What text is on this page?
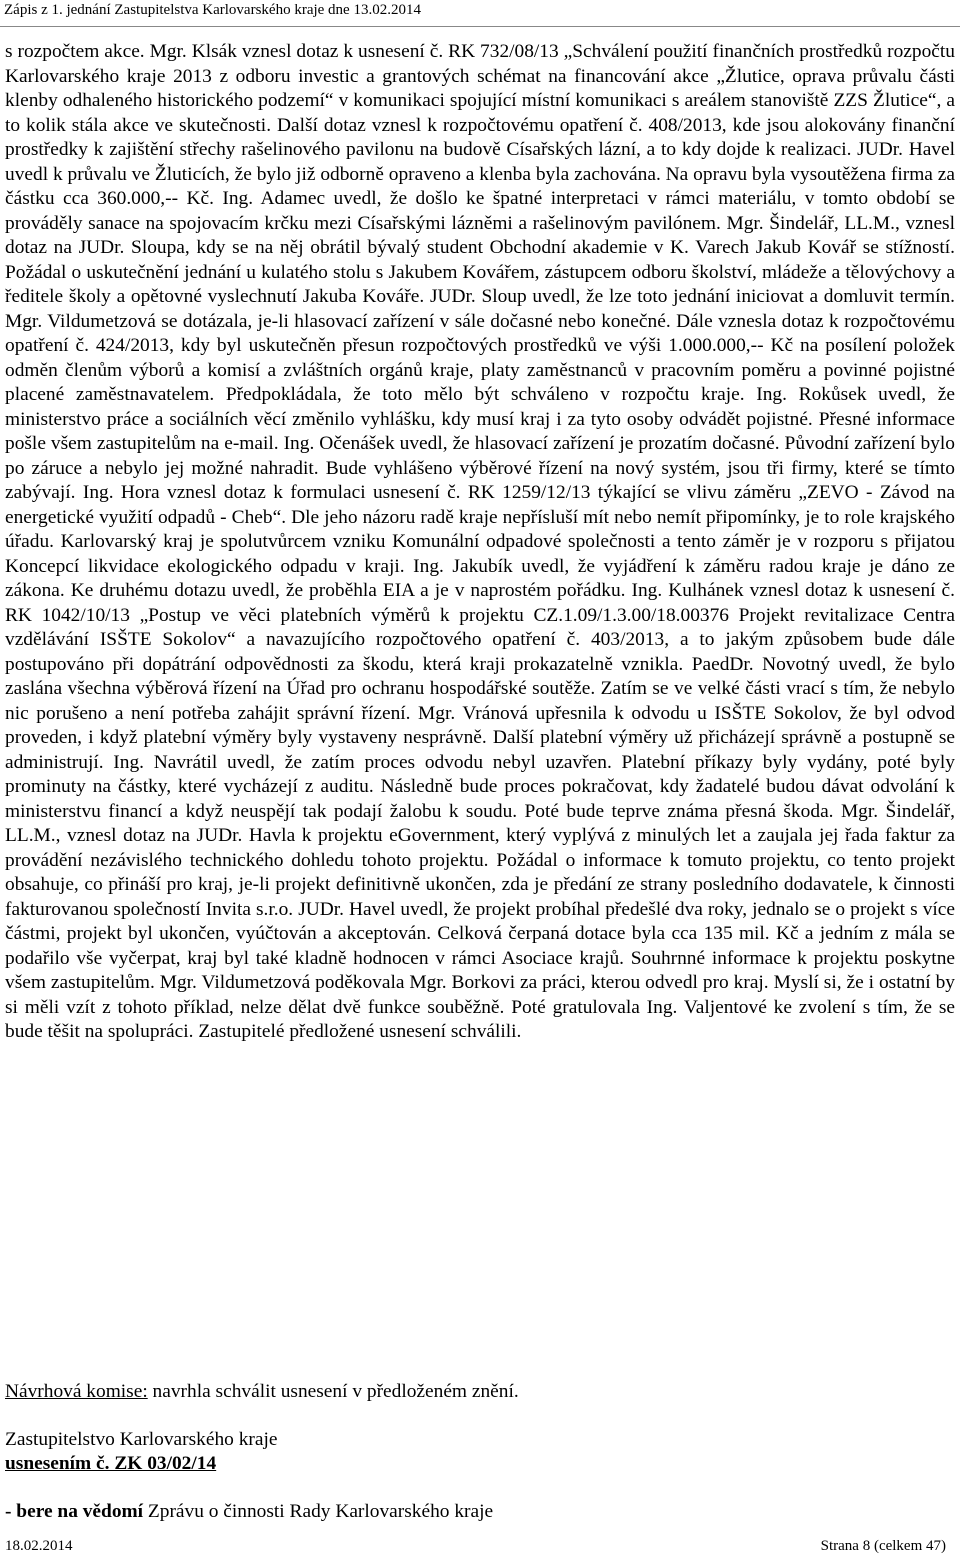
Zápis z 1. jednání Zastupitelstva Karlovarského kraje dne 13.02.2014

s rozpočtem akce. Mgr. Klsák vznesl dotaz k usnesení č. RK 732/08/13 „Schválení použití finančních prostředků rozpočtu Karlovarského kraje 2013 z odboru investic a grantových schémat na financování akce „Žlutice, oprava průvalu části klenby odhaleného historického podzemí“ v komunikaci spojující místní komunikaci s areálem stanoviště ZZS Žlutice“, a to kolik stála akce ve skutečnosti. Další dotaz vznesl k rozpočtovému opatření č. 408/2013, kde jsou alokovány finanční prostředky k zajištění střechy rašelinového pavilonu na budově Císařských lázní, a to kdy dojde k realizaci. JUDr. Havel uvedl k průvalu ve Žluticích, že bylo již odborně opraveno a klenba byla zachována. Na opravu byla vysoutěžena firma za částku cca 360.000,-- Kč. Ing. Adamec uvedl, že došlo ke špatné interpretaci v rámci materiálu, v tomto období se prováděly sanace na spojovacím krčku mezi Císařskými lázněmi a rašelinovým pavilónem. Mgr. Šindelář, LL.M., vznesl dotaz na JUDr. Sloupa, kdy se na něj obrátil bývalý student Obchodní akademie v K. Varech Jakub Kovář se stížností. Požádal o uskutečnění jednání u kulatého stolu s Jakubem Kovářem, zástupcem odboru školství, mládeže a tělovýchovy a ředitele školy a opětovné vyslechnutí Jakuba Kováře. JUDr. Sloup uvedl, že lze toto jednání iniciovat a domluvit termín. Mgr. Vildumetzová se dotázala, je-li hlasovací zařízení v sále dočasné nebo konečné. Dále vznesla dotaz k rozpočtovému opatření č. 424/2013, kdy byl uskutečněn přesun rozpočtových prostředků ve výši 1.000.000,-- Kč na posílení položek odměn členům výborů a komisí a zvláštních orgánů kraje, platy zaměstnanců v pracovním poměru a povinné pojistné placené zaměstnavatelem. Předpokládala, že toto mělo být schváleno v rozpočtu kraje. Ing. Rokůsek uvedl, že ministerstvo práce a sociálních věcí změnilo vyhlášku, kdy musí kraj i za tyto osoby odvádět pojistné. Přesné informace pošle všem zastupitelům na e-mail. Ing. Očenášek uvedl, že hlasovací zařízení je prozatím dočasné. Původní zařízení bylo po záruce a nebylo jej možné nahradit. Bude vyhlášeno výběrové řízení na nový systém, jsou tři firmy, které se tímto zabývají. Ing. Hora vznesl dotaz k formulaci usnesení č. RK 1259/12/13 týkající se vlivu záměru „ZEVO - Závod na energetické využití odpadů - Cheb“. Dle jeho názoru radě kraje nepřísluší mít nebo nemít připomínky, je to role krajského úřadu. Karlovarský kraj je spolutvůrcem vzniku Komunální odpadové společnosti a tento záměr je v rozporu s přijatou Koncepcí likvidace ekologického odpadu v kraji. Ing. Jakubík uvedl, že vyjádření k záměru radou kraje je dáno ze zákona. Ke druhému dotazu uvedl, že proběhla EIA a je v naprostém pořádku. Ing. Kulhánek vznesl dotaz k usnesení č. RK 1042/10/13 „Postup ve věci platebních výměrů k projektu CZ.1.09/1.3.00/18.00376 Projekt revitalizace Centra vzdělávání ISŠTE Sokolov“ a navazujícího rozpočtového opatření č. 403/2013, a to jakým způsobem bude dále postupováno při dopátrání odpovědnosti za škodu, která kraji prokazatelně vznikla. PaedDr. Novotný uvedl, že bylo zaslána všechna výběrová řízení na Úřad pro ochranu hospodářské soutěže. Zatím se ve velké části vrací s tím, že nebylo nic porušeno a není potřeba zahájit správní řízení. Mgr. Vránová upřesnila k odvodu u ISŠTE Sokolov, že byl odvod proveden, i když platební výměry byly vystaveny nesprávně. Další platební výměry už přicházejí správně a postupně se administrují. Ing. Navrátil uvedl, že zatím proces odvodu nebyl uzavřen. Platební příkazy byly vydány, poté byly prominuty na částky, které vycházejí z auditu. Následně bude proces pokračovat, kdy žadatelé budou dávat odvolání k ministerstvu financí a když neuspějí tak podají žalobu k soudu. Poté bude teprve známa přesná škoda. Mgr. Šindelář, LL.M., vznesl dotaz na JUDr. Havla k projektu eGovernment, který vyplývá z minulých let a zaujala jej řada faktur za provádění nezávislého technického dohledu tohoto projektu. Požádal o informace k tomuto projektu, co tento projekt obsahuje, co přináší pro kraj, je-li projekt definitivně ukončen, zda je předání ze strany posledního dodavatele, k činnosti fakturovanou společností Invita s.r.o. JUDr. Havel uvedl, že projekt probíhal předešlé dva roky, jednalo se o projekt s více částmi, projekt byl ukončen, vyúčtován a akceptován. Celková čerpaná dotace byla cca 135 mil. Kč a jedním z mála se podařilo vše vyčerpat, kraj byl také kladně hodnocen v rámci Asociace krajů. Souhrnné informace k projektu poskytne všem zastupitelům. Mgr. Vildumetzová poděkovala Mgr. Borkovi za práci, kterou odvedl pro kraj. Myslí si, že i ostatní by si měli vzít z tohoto příklad, nelze dělat dvě funkce souběžně. Poté gratulovala Ing. Valjentové ke zvolení s tím, že se bude těšit na spolupráci. Zastupitelé předložené usnesení schválili.

Návrhová komise: navrhla schválit usnesení v předloženém znění.
Zastupitelstvo Karlovarského kraje
usnesením č. ZK 03/02/14
- bere na vědomí Zprávu o činnosti Rady Karlovarského kraje
18.02.2014	Strana 8 (celkem 47)
